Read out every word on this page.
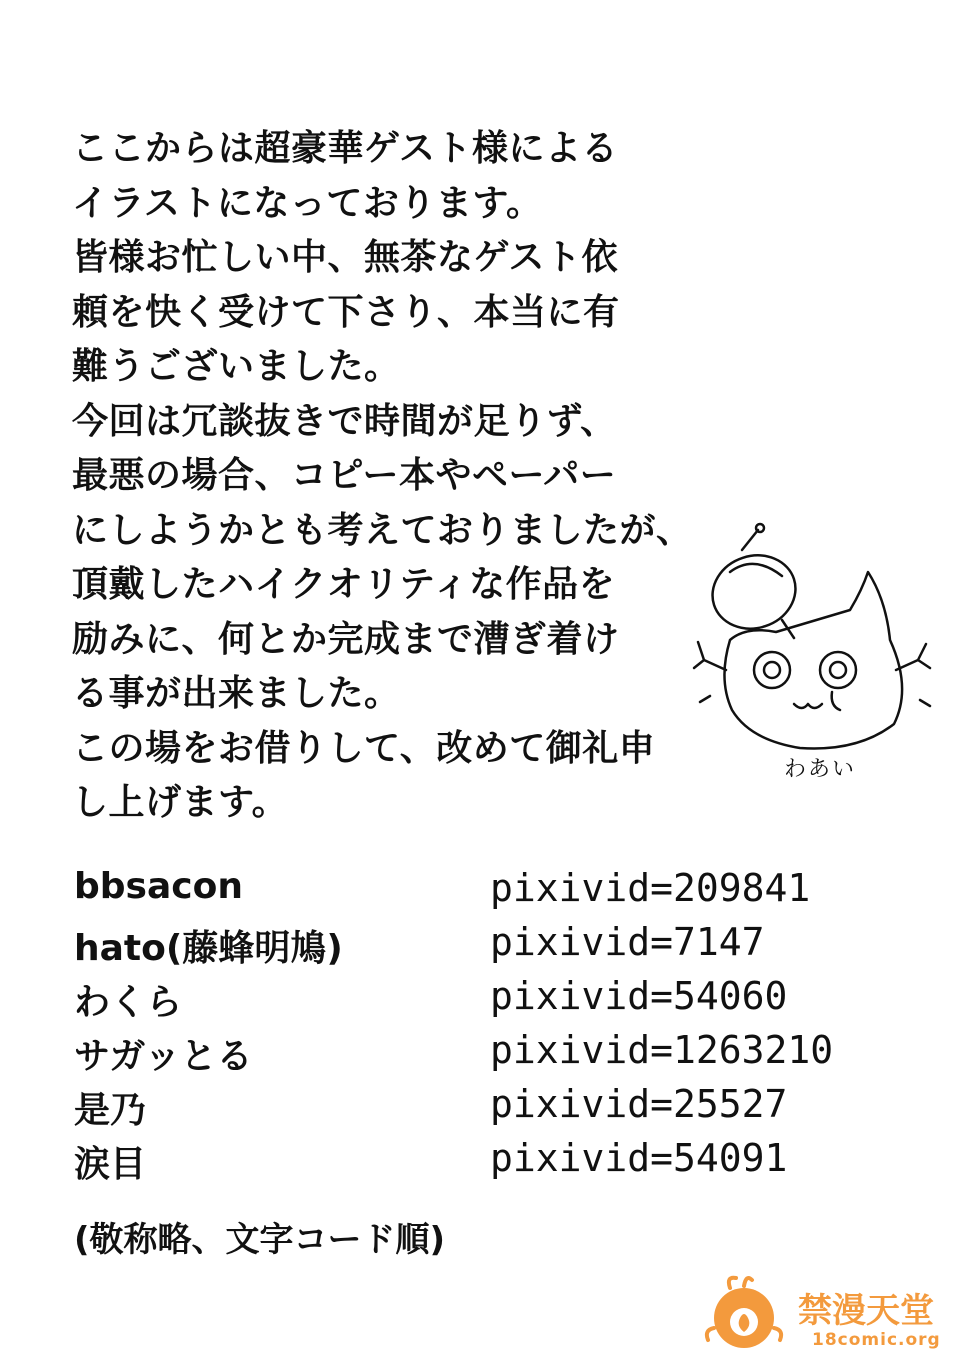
ここからは超豪華ゲスト様による
イラストになっております。
皆様お忙しい中、無茶なゲスト依
頼を快く受けて下さり、本当に有
難うございました。
今回は冗談抜きで時間が足りず、
最悪の場合、コピー本やペーパー
にしようかとも考えておりましたが、
頂戴したハイクオリティな作品を
励みに、何とか完成まで漕ぎ着け
る事が出来ました。
この場をお借りして、改めて御礼申
し上げます。
わあい
bbsacon	pixivid=209841
hato(藤蜂明鳩)	pixivid=7147
わくら	pixivid=54060
サガッとる	pixivid=1263210
是乃	pixivid=25527
涙目	pixivid=54091
(敬称略、文字コード順)
禁漫天堂
18comic.org
